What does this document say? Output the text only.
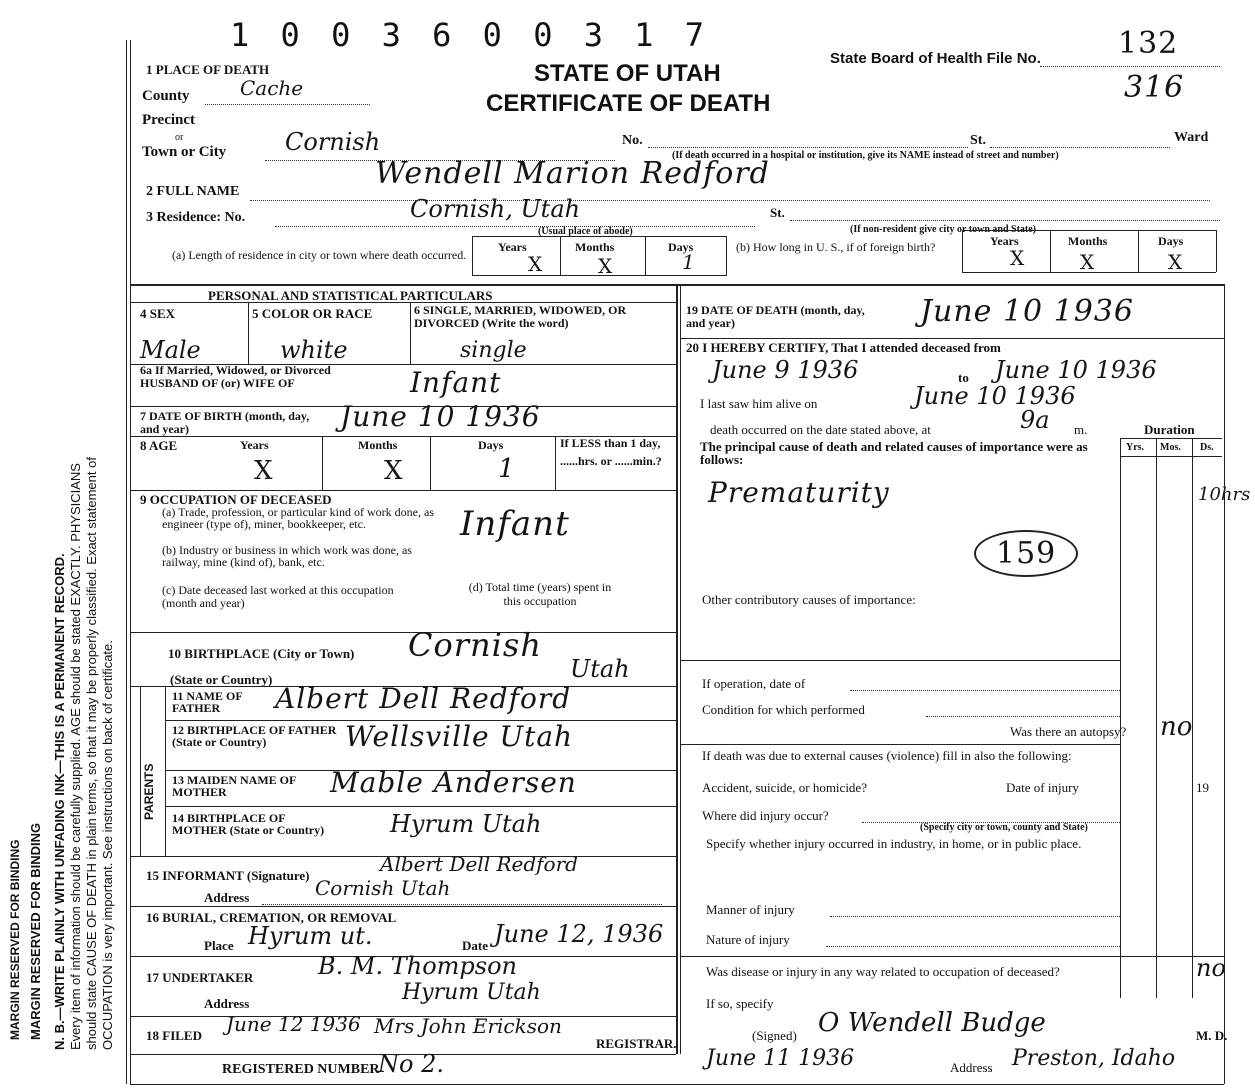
1 0 0 3 6 0 0 3 1 7
MARGIN RESERVED FOR BINDING MARGIN RESERVED FOR BINDING N. B.—WRITE PLAINLY WITH UNFADING INK—THIS IS A PERMANENT RECORD. Every item of information should be carefully supplied. AGE should be stated EXACTLY. PHYSICIANS should state CAUSE OF DEATH in plain terms, so that it may be properly classified. Exact statement of OCCUPATION is very important. See instructions on back of certificate.
STATE OF UTAH
CERTIFICATE OF DEATH
State Board of Health File No.	132
316
1 PLACE OF DEATH
County	Cache
Precinct
or
Town or City Cornish	No.	St.	Ward
(If death occurred in a hospital or institution, give its NAME instead of street and number)
2 FULL NAME
Wendell Marion Redford
3 Residence: No.	Cornish, Utah	St.
(Usual place of abode)	(If non-resident give city or town and State)
(a) Length of residence in city or town where death occurred.
Years	Months	Days
X	X	1
(b) How long in U. S., if of foreign birth?	Years	Months	Days
X	X	X
PERSONAL AND STATISTICAL PARTICULARS
4 SEX
Male
5 COLOR OR RACE
white
6 SINGLE, MARRIED, WIDOWED, OR DIVORCED (Write the word)
single
6a If Married, Widowed, or Divorced HUSBAND OF (or) WIFE OF	Infant
7 DATE OF BIRTH (month, day, and year)	June 10 1936
8 AGE	Years	Months	Days
X	X	1
If LESS than 1 day, ......hrs. or ......min.?
9 OCCUPATION OF DECEASED
(a) Trade, profession, or particular kind of work done, as engineer (type of), miner, bookkeeper, etc.
(b) Industry or business in which work was done, as railway, mine (kind of), bank, etc.
(c) Date deceased last worked at this occupation (month and year)
(d) Total time (years) spent in this occupation
Infant
10 BIRTHPLACE (City or Town) Cornish
(State or Country)	Utah
PARENTS
11 NAME OF FATHER	Albert Dell Redford
12 BIRTHPLACE OF FATHER (State or Country)	Wellsville Utah
13 MAIDEN NAME OF MOTHER	Mable Andersen
14 BIRTHPLACE OF MOTHER (State or Country)	Hyrum Utah
15 INFORMANT (Signature)	Albert Dell Redford
Address	Cornish Utah
16 BURIAL, CREMATION, OR REMOVAL
Place Hyrum ut.	Date June 12, 1936
17 UNDERTAKER	B. M. Thompson
Address	Hyrum Utah
18 FILED June 12 1936 Mrs John Erickson
REGISTRAR.
REGISTERED NUMBER
No 2.
19 DATE OF DEATH (month, day, and year)	June 10 1936
20 I HEREBY CERTIFY, That I attended deceased from
June 9 1936	to June 10 1936
I last saw him alive on	June 10 1936
death occurred on the date stated above, at	9a m.	Duration
Yrs. Mos. Ds.
The principal cause of death and related causes of importance were as follows:
Prematurity	10hrs
159
Other contributory causes of importance:
If operation, date of
Condition for which performed
Was there an autopsy? no
If death was due to external causes (violence) fill in also the following:
Accident, suicide, or homicide?	Date of injury	19
Where did injury occur?
(Specify city or town, county and State)
Specify whether injury occurred in industry, in home, or in public place.
Manner of injury
Nature of injury
Was disease or injury in any way related to occupation of deceased?	no
If so, specify
(Signed) O Wendell Budge	M. D.
June 11 1936	Address Preston, Idaho
